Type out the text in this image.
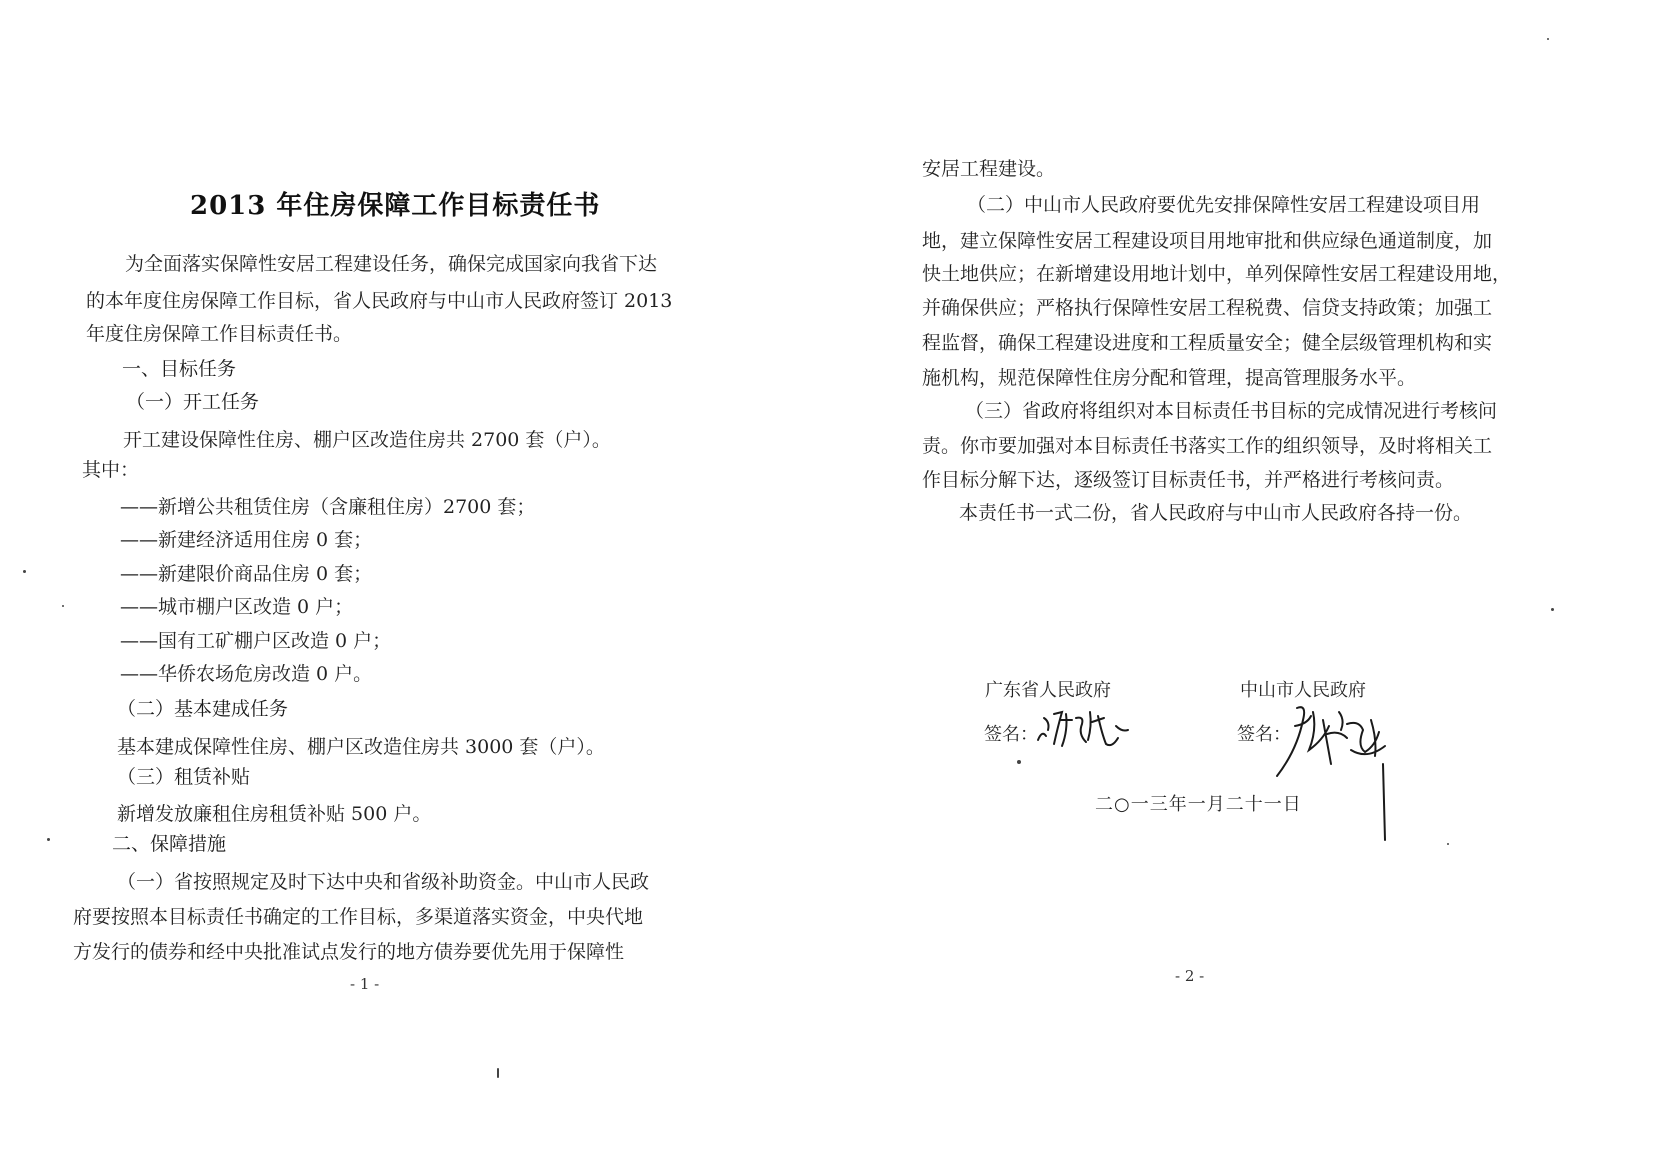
2013 年住房保障工作目标责任书
为全面落实保障性安居工程建设任务，确保完成国家向我省下达
的本年度住房保障工作目标，省人民政府与中山市人民政府签订 2013
年度住房保障工作目标责任书。
一、目标任务
（一）开工任务
开工建设保障性住房、棚户区改造住房共 2700 套（户）。
其中：
——新增公共租赁住房（含廉租住房）2700 套；
——新建经济适用住房 0 套；
——新建限价商品住房 0 套；
——城市棚户区改造 0 户；
——国有工矿棚户区改造 0 户；
——华侨农场危房改造 0 户。
（二）基本建成任务
基本建成保障性住房、棚户区改造住房共 3000 套（户）。
（三）租赁补贴
新增发放廉租住房租赁补贴 500 户。
二、保障措施
（一）省按照规定及时下达中央和省级补助资金。中山市人民政
府要按照本目标责任书确定的工作目标，多渠道落实资金，中央代地
方发行的债券和经中央批准试点发行的地方债券要优先用于保障性
- 1 -
安居工程建设。
（二）中山市人民政府要优先安排保障性安居工程建设项目用
地，建立保障性安居工程建设项目用地审批和供应绿色通道制度，加
快土地供应；在新增建设用地计划中，单列保障性安居工程建设用地，
并确保供应；严格执行保障性安居工程税费、信贷支持政策；加强工
程监督，确保工程建设进度和工程质量安全；健全层级管理机构和实
施机构，规范保障性住房分配和管理，提高管理服务水平。
（三）省政府将组织对本目标责任书目标的完成情况进行考核问
责。你市要加强对本目标责任书落实工作的组织领导，及时将相关工
作目标分解下达，逐级签订目标责任书，并严格进行考核问责。
本责任书一式二份，省人民政府与中山市人民政府各持一份。
广东省人民政府	中山市人民政府
签名：	签名：
二○一三年一月二十一日
- 2 -
